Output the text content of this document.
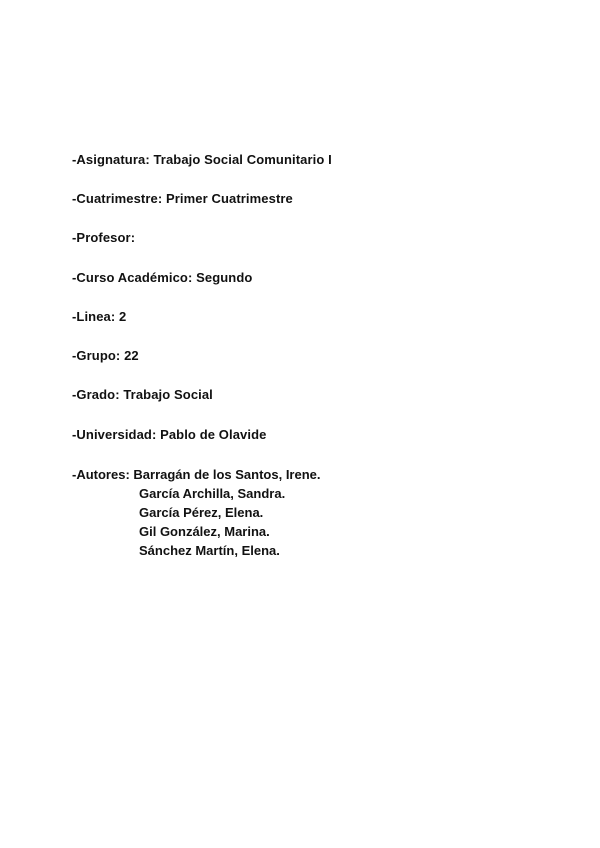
-Asignatura: Trabajo Social Comunitario I
-Cuatrimestre: Primer Cuatrimestre
-Profesor:
-Curso Académico: Segundo
-Linea: 2
-Grupo: 22
-Grado: Trabajo Social
-Universidad: Pablo de Olavide
-Autores: Barragán de los Santos, Irene.
García Archilla, Sandra.
García Pérez, Elena.
Gil González, Marina.
Sánchez Martín, Elena.
